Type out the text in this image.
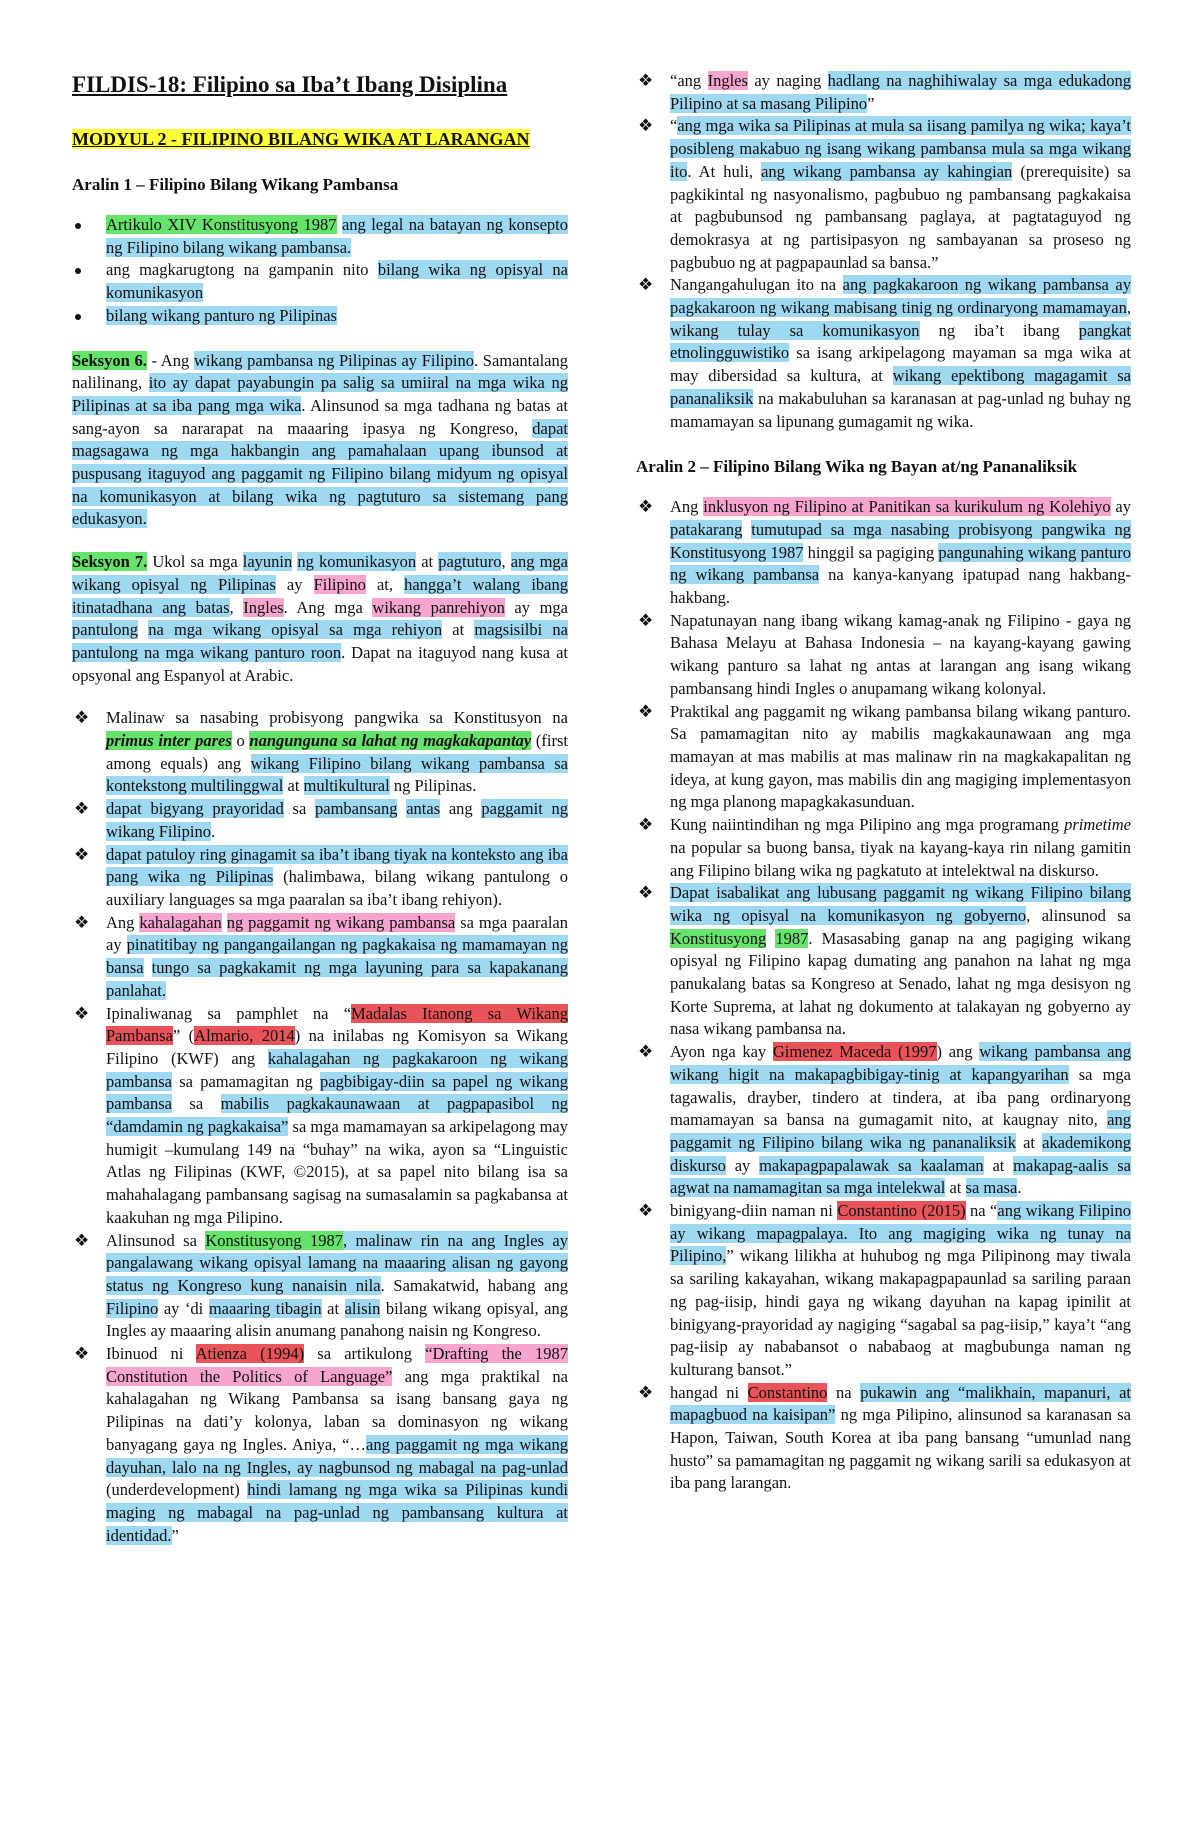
FILDIS-18: Filipino sa Iba’t Ibang Disiplina
MODYUL 2 - FILIPINO BILANG WIKA AT LARANGAN
Aralin 1 – Filipino Bilang Wikang Pambansa
Artikulo XIV Konstitusyong 1987 ang legal na batayan ng konsepto ng Filipino bilang wikang pambansa.
ang magkarugtong na gampanin nito bilang wika ng opisyal na komunikasyon
bilang wikang panturo ng Pilipinas
Seksyon 6. - Ang wikang pambansa ng Pilipinas ay Filipino. Samantalang nalilinang, ito ay dapat payabungin pa salig sa umiiral na mga wika ng Pilipinas at sa iba pang mga wika. Alinsunod sa mga tadhana ng batas at sang-ayon sa nararapat na maaaring ipasya ng Kongreso, dapat magsagawa ng mga hakbangin ang pamahalaan upang ibunsod at puspusang itaguyod ang paggamit ng Filipino bilang midyum ng opisyal na komunikasyon at bilang wika ng pagtuturo sa sistemang pang edukasyon.
Seksyon 7. Ukol sa mga layunin ng komunikasyon at pagtuturo, ang mga wikang opisyal ng Pilipinas ay Filipino at, hangga’t walang ibang itinatadhana ang batas, Ingles. Ang mga wikang panrehiyon ay mga pantulong na mga wikang opisyal sa mga rehiyon at magsisilbi na pantulong na mga wikang panturo roon. Dapat na itaguyod nang kusa at opsyonal ang Espanyol at Arabic.
❖ Malinaw sa nasabing probisyong pangwika sa Konstitusyon na primus inter pares o nangunguna sa lahat ng magkakapantay (first among equals) ang wikang Filipino bilang wikang pambansa sa kontekstong multilinggwal at multikultural ng Pilipinas.
❖ dapat bigyang prayoridad sa pambansang antas ang paggamit ng wikang Filipino.
❖ dapat patuloy ring ginagamit sa iba’t ibang tiyak na konteksto ang iba pang wika ng Pilipinas (halimbawa, bilang wikang pantulong o auxiliary languages sa mga paaralan sa iba’t ibang rehiyon).
❖ Ang kahalagahan ng paggamit ng wikang pambansa sa mga paaralan ay pinatitibay ng pangangailangan ng pagkakaisa ng mamamayan ng bansa tungo sa pagkakamit ng mga layuning para sa kapakanang panlahat.
❖ Ipinaliwanag sa pamphlet na “Madalas Itanong sa Wikang Pambansa” (Almario, 2014) na inilabas ng Komisyon sa Wikang Filipino (KWF) ang kahalagahan ng pagkakaroon ng wikang pambansa sa pamamagitan ng pagbibigay-diin sa papel ng wikang pambansa sa mabilis pagkakaunawaan at pagpapasibol ng “damdamin ng pagkakaisa” sa mga mamamayan sa arkipelagong may humigit –kumulang 149 na “buhay” na wika, ayon sa “Linguistic Atlas ng Filipinas (KWF, ©2015), at sa papel nito bilang isa sa mahahalagang pambansang sagisag na sumasalamin sa pagkabansa at kaakuhan ng mga Pilipino.
❖ Alinsunod sa Konstitusyong 1987, malinaw rin na ang Ingles ay pangalawang wikang opisyal lamang na maaaring alisan ng gayong status ng Kongreso kung nanaisin nila. Samakatwid, habang ang Filipino ay ‘di maaaring tibagin at alisin bilang wikang opisyal, ang Ingles ay maaaring alisin anumang panahong naisin ng Kongreso.
❖ Ibinuod ni Atienza (1994) sa artikulong “Drafting the 1987 Constitution the Politics of Language” ang mga praktikal na kahalagahan ng Wikang Pambansa sa isang bansang gaya ng Pilipinas na dati’y kolonya, laban sa dominasyon ng wikang banyagang gaya ng Ingles. Aniya, “…ang paggamit ng mga wikang dayuhan, lalo na ng Ingles, ay nagbunsod ng mabagal na pag-unlad (underdevelopment) hindi lamang ng mga wika sa Pilipinas kundi maging ng mabagal na pag-unlad ng pambansang kultura at identidad.”
❖ “ang Ingles ay naging hadlang na naghihiwalay sa mga edukadong Pilipino at sa masang Pilipino”
❖ “ang mga wika sa Pilipinas at mula sa iisang pamilya ng wika; kaya’t posibleng makabuo ng isang wikang pambansa mula sa mga wikang ito. At huli, ang wikang pambansa ay kahingian (prerequisite) sa pagkikintal ng nasyonalismo, pagbubuo ng pambansang pagkakaisa at pagbubunsod ng pambansang paglaya, at pagtataguyod ng demokrasya at ng partisipasyon ng sambayanan sa proseso ng pagbubuo ng at pagpapaunlad sa bansa.”
❖ Nangangahulugan ito na ang pagkakaroon ng wikang pambansa ay pagkakaroon ng wikang mabisang tinig ng ordinaryong mamamayan, wikang tulay sa komunikasyon ng iba’t ibang pangkat etnolingguwistiko sa isang arkipelagong mayaman sa mga wika at may dibersidad sa kultura, at wikang epektibong magagamit sa pananaliksik na makabuluhan sa karanasan at pag-unlad ng buhay ng mamamayan sa lipunang gumagamit ng wika.
Aralin 2 – Filipino Bilang Wika ng Bayan at/ng Pananaliksik
❖ Ang inklusyon ng Filipino at Panitikan sa kurikulum ng Kolehiyo ay patakarang tumutupad sa mga nasabing probisyong pangwika ng Konstitusyong 1987 hinggil sa pagiging pangunahing wikang panturo ng wikang pambansa na kanya-kanyang ipatupad nang hakbang-hakbang.
❖ Napatunayan nang ibang wikang kamag-anak ng Filipino - gaya ng Bahasa Melayu at Bahasa Indonesia – na kayang-kayang gawing wikang panturo sa lahat ng antas at larangan ang isang wikang pambansang hindi Ingles o anupamang wikang kolonyal.
❖ Praktikal ang paggamit ng wikang pambansa bilang wikang panturo. Sa pamamagitan nito ay mabilis magkakaunawaan ang mga mamayan at mas mabilis at mas malinaw rin na magkakapalitan ng ideya, at kung gayon, mas mabilis din ang magiging implementasyon ng mga planong mapagkakasunduan.
❖ Kung naiintindihan ng mga Pilipino ang mga programang primetime na popular sa buong bansa, tiyak na kayang-kaya rin nilang gamitin ang Filipino bilang wika ng pagkatuto at intelektwal na diskurso.
❖ Dapat isabalikat ang lubusang paggamit ng wikang Filipino bilang wika ng opisyal na komunikasyon ng gobyerno, alinsunod sa Konstitusyong 1987. Masasabing ganap na ang pagiging wikang opisyal ng Filipino kapag dumating ang panahon na lahat ng mga panukalang batas sa Kongreso at Senado, lahat ng mga desisyon ng Korte Suprema, at lahat ng dokumento at talakayan ng gobyerno ay nasa wikang pambansa na.
❖ Ayon nga kay Gimenez Maceda (1997) ang wikang pambansa ang wikang higit na makapagbibigay-tinig at kapangyarihan sa mga tagawalis, drayber, tindero at tindera, at iba pang ordinaryong mamamayan sa bansa na gumagamit nito, at kaugnay nito, ang paggamit ng Filipino bilang wika ng pananaliksik at akademikong diskurso ay makapagpapalawak sa kaalaman at makapag-aalis sa agwat na namamagitan sa mga intelekwal at sa masa.
❖ binigyang-diin naman ni Constantino (2015) na “ang wikang Filipino ay wikang mapagpalaya. Ito ang magiging wika ng tunay na Pilipino,” wikang lilikha at huhubog ng mga Pilipinong may tiwala sa sariling kakayahan, wikang makapagpapaunlad sa sariling paraan ng pag-iisip, hindi gaya ng wikang dayuhan na kapag ipinilit at binigyang-prayoridad ay nagiging “sagabal sa pag-iisip,” kaya’t “ang pag-iisip ay nababansot o nababaog at magbubunga naman ng kulturang bansot.”
❖ hangad ni Constantino na pukawin ang “malikhain, mapanuri, at mapagbuod na kaisipan” ng mga Pilipino, alinsunod sa karanasan sa Hapon, Taiwan, South Korea at iba pang bansang “umunlad nang husto” sa pamamagitan ng paggamit ng wikang sarili sa edukasyon at iba pang larangan.
